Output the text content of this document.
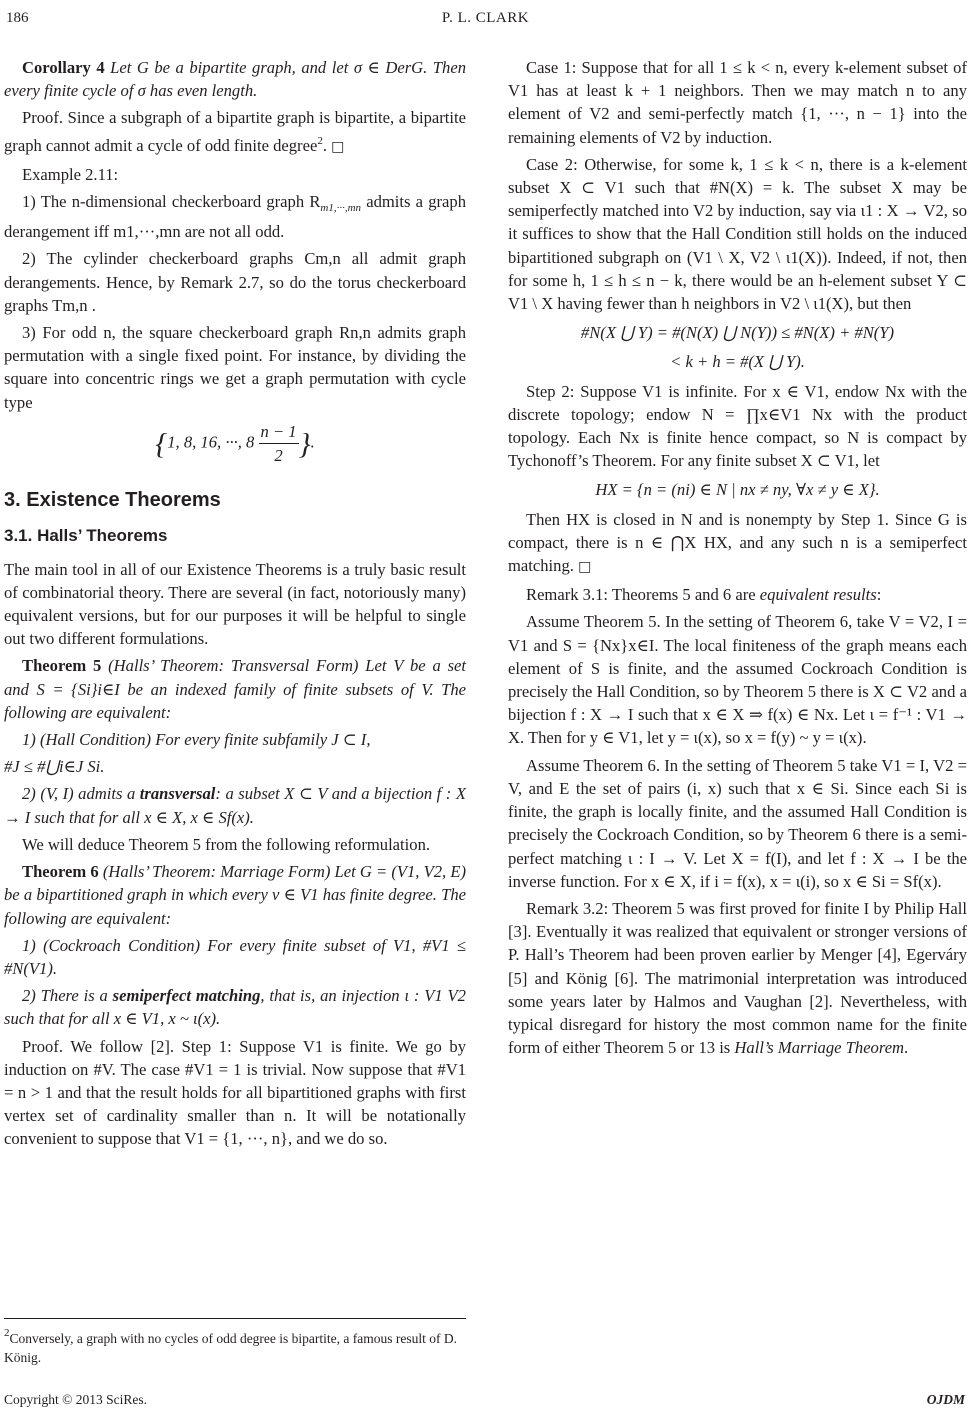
186	P. L. CLARK

Corollary 4 Let G be a bipartite graph, and let σ ∈ DerG. Then every finite cycle of σ has even length.

Proof. Since a subgraph of a bipartite graph is bipartite, a bipartite graph cannot admit a cycle of odd finite degree$^2$. □

Example 2.11:

1) The n-dimensional checkerboard graph $R_{m1,\cdot\cdot\cdot,mn}$ admits a graph derangement iff m1,···,mn are not all odd.

2) The cylinder checkerboard graphs Cm,n all admit graph derangements. Hence, by Remark 2.7, so do the torus checkerboard graphs Tm,n .

3) For odd n, the square checkerboard graph Rn,n admits graph permutation with a single fixed point. For instance, by dividing the square into concentric rings we get a graph permutation with cycle type

{1, 8, 16, ···, $8 \frac{n - 1}{2}$ }.
3. Existence Theorems
3.1. Halls’ Theorems

The main tool in all of our Existence Theorems is a truly basic result of combinatorial theory. There are several (in fact, notoriously many) equivalent versions, but for our purposes it will be helpful to single out two different formulations.

Theorem 5 (Halls’ Theorem: Transversal Form) Let V be a set and S = {Si}i∈I be an indexed family of finite subsets of V. The following are equivalent:

1) (Hall Condition) For every finite subfamily J ⊂ I,

#J ≤ #⋃i∈J Si.

2) (V, I) admits a transversal: a subset X ⊂ V and a bijection f : X → I such that for all x ∈ X, x ∈ Sf(x).

We will deduce Theorem 5 from the following reformulation.

Theorem 6 (Halls’ Theorem: Marriage Form) Let G = (V1, V2, E) be a bipartitioned graph in which every v ∈ V1 has finite degree. The following are equivalent:

1) (Cockroach Condition) For every finite subset of V1, #V1 ≤ #N(V1).

2) There is a semiperfect matching, that is, an injection ι : V1 V2 such that for all x ∈ V1, x ~ ι(x).

Proof. We follow [2]. Step 1: Suppose V1 is finite. We go by induction on #V. The case #V1 = 1 is trivial. Now suppose that #V1 = n > 1 and that the result holds for all bipartitioned graphs with first vertex set of cardinality smaller than n. It will be notationally convenient to suppose that V1 = {1, ···, n}, and we do so.

$^2$Conversely, a graph with no cycles of odd degree is bipartite, a famous result of D. König.

Case 1: Suppose that for all 1 ≤ k < n, every k-element subset of V1 has at least k + 1 neighbors. Then we may match n to any element of V2 and semi-perfectly match {1, ···, n − 1} into the remaining elements of V2 by induction.

Case 2: Otherwise, for some k, 1 ≤ k < n, there is a k-element subset X ⊂ V1 such that #N(X) = k. The subset X may be semiperfectly matched into V2 by induction, say via ι1 : X → V2, so it suffices to show that the Hall Condition still holds on the induced bipartitioned subgraph on (V1 \ X, V2 \ ι1(X)). Indeed, if not, then for some h, 1 ≤ h ≤ n − k, there would be an h-element subset Y ⊂ V1 \ X having fewer than h neighbors in V2 \ ι1(X), but then

#N(X ⋃ Y) = #(N(X) ⋃ N(Y)) ≤ #N(X) + #N(Y)
< k + h = #(X ⋃ Y).

Step 2: Suppose V1 is infinite. For x ∈ V1, endow Nx with the discrete topology; endow N = ∏x∈V1 Nx with the product topology. Each Nx is finite hence compact, so N is compact by Tychonoff’s Theorem. For any finite subset X ⊂ V1, let

HX = {n = (ni) ∈ N | nx ≠ ny, ∀x ≠ y ∈ X}.

Then HX is closed in N and is nonempty by Step 1. Since G is compact, there is n ∈ ⋂X HX, and any such n is a semiperfect matching. □

Remark 3.1: Theorems 5 and 6 are equivalent results:

Assume Theorem 5. In the setting of Theorem 6, take V = V2, I = V1 and S = {Nx}x∈I. The local finiteness of the graph means each element of S is finite, and the assumed Cockroach Condition is precisely the Hall Condition, so by Theorem 5 there is X ⊂ V2 and a bijection f : X → I such that x ∈ X ⇒ f(x) ∈ Nx. Let ι = f⁻¹ : V1 → X. Then for y ∈ V1, let y = ι(x), so x = f(y) ~ y = ι(x).

Assume Theorem 6. In the setting of Theorem 5 take V1 = I, V2 = V, and E the set of pairs (i, x) such that x ∈ Si. Since each Si is finite, the graph is locally finite, and the assumed Hall Condition is precisely the Cockroach Condition, so by Theorem 6 there is a semi-perfect matching ι : I → V. Let X = f(I), and let f : X → I be the inverse function. For x ∈ X, if i = f(x), x = ι(i), so x ∈ Si = Sf(x).

Remark 3.2: Theorem 5 was first proved for finite I by Philip Hall [3]. Eventually it was realized that equivalent or stronger versions of P. Hall’s Theorem had been proven earlier by Menger [4], Egerváry [5] and König [6]. The matrimonial interpretation was introduced some years later by Halmos and Vaughan [2]. Nevertheless, with typical disregard for history the most common name for the finite form of either Theorem 5 or 13 is Hall’s Marriage Theorem.

Copyright © 2013 SciRes.	OJDM
